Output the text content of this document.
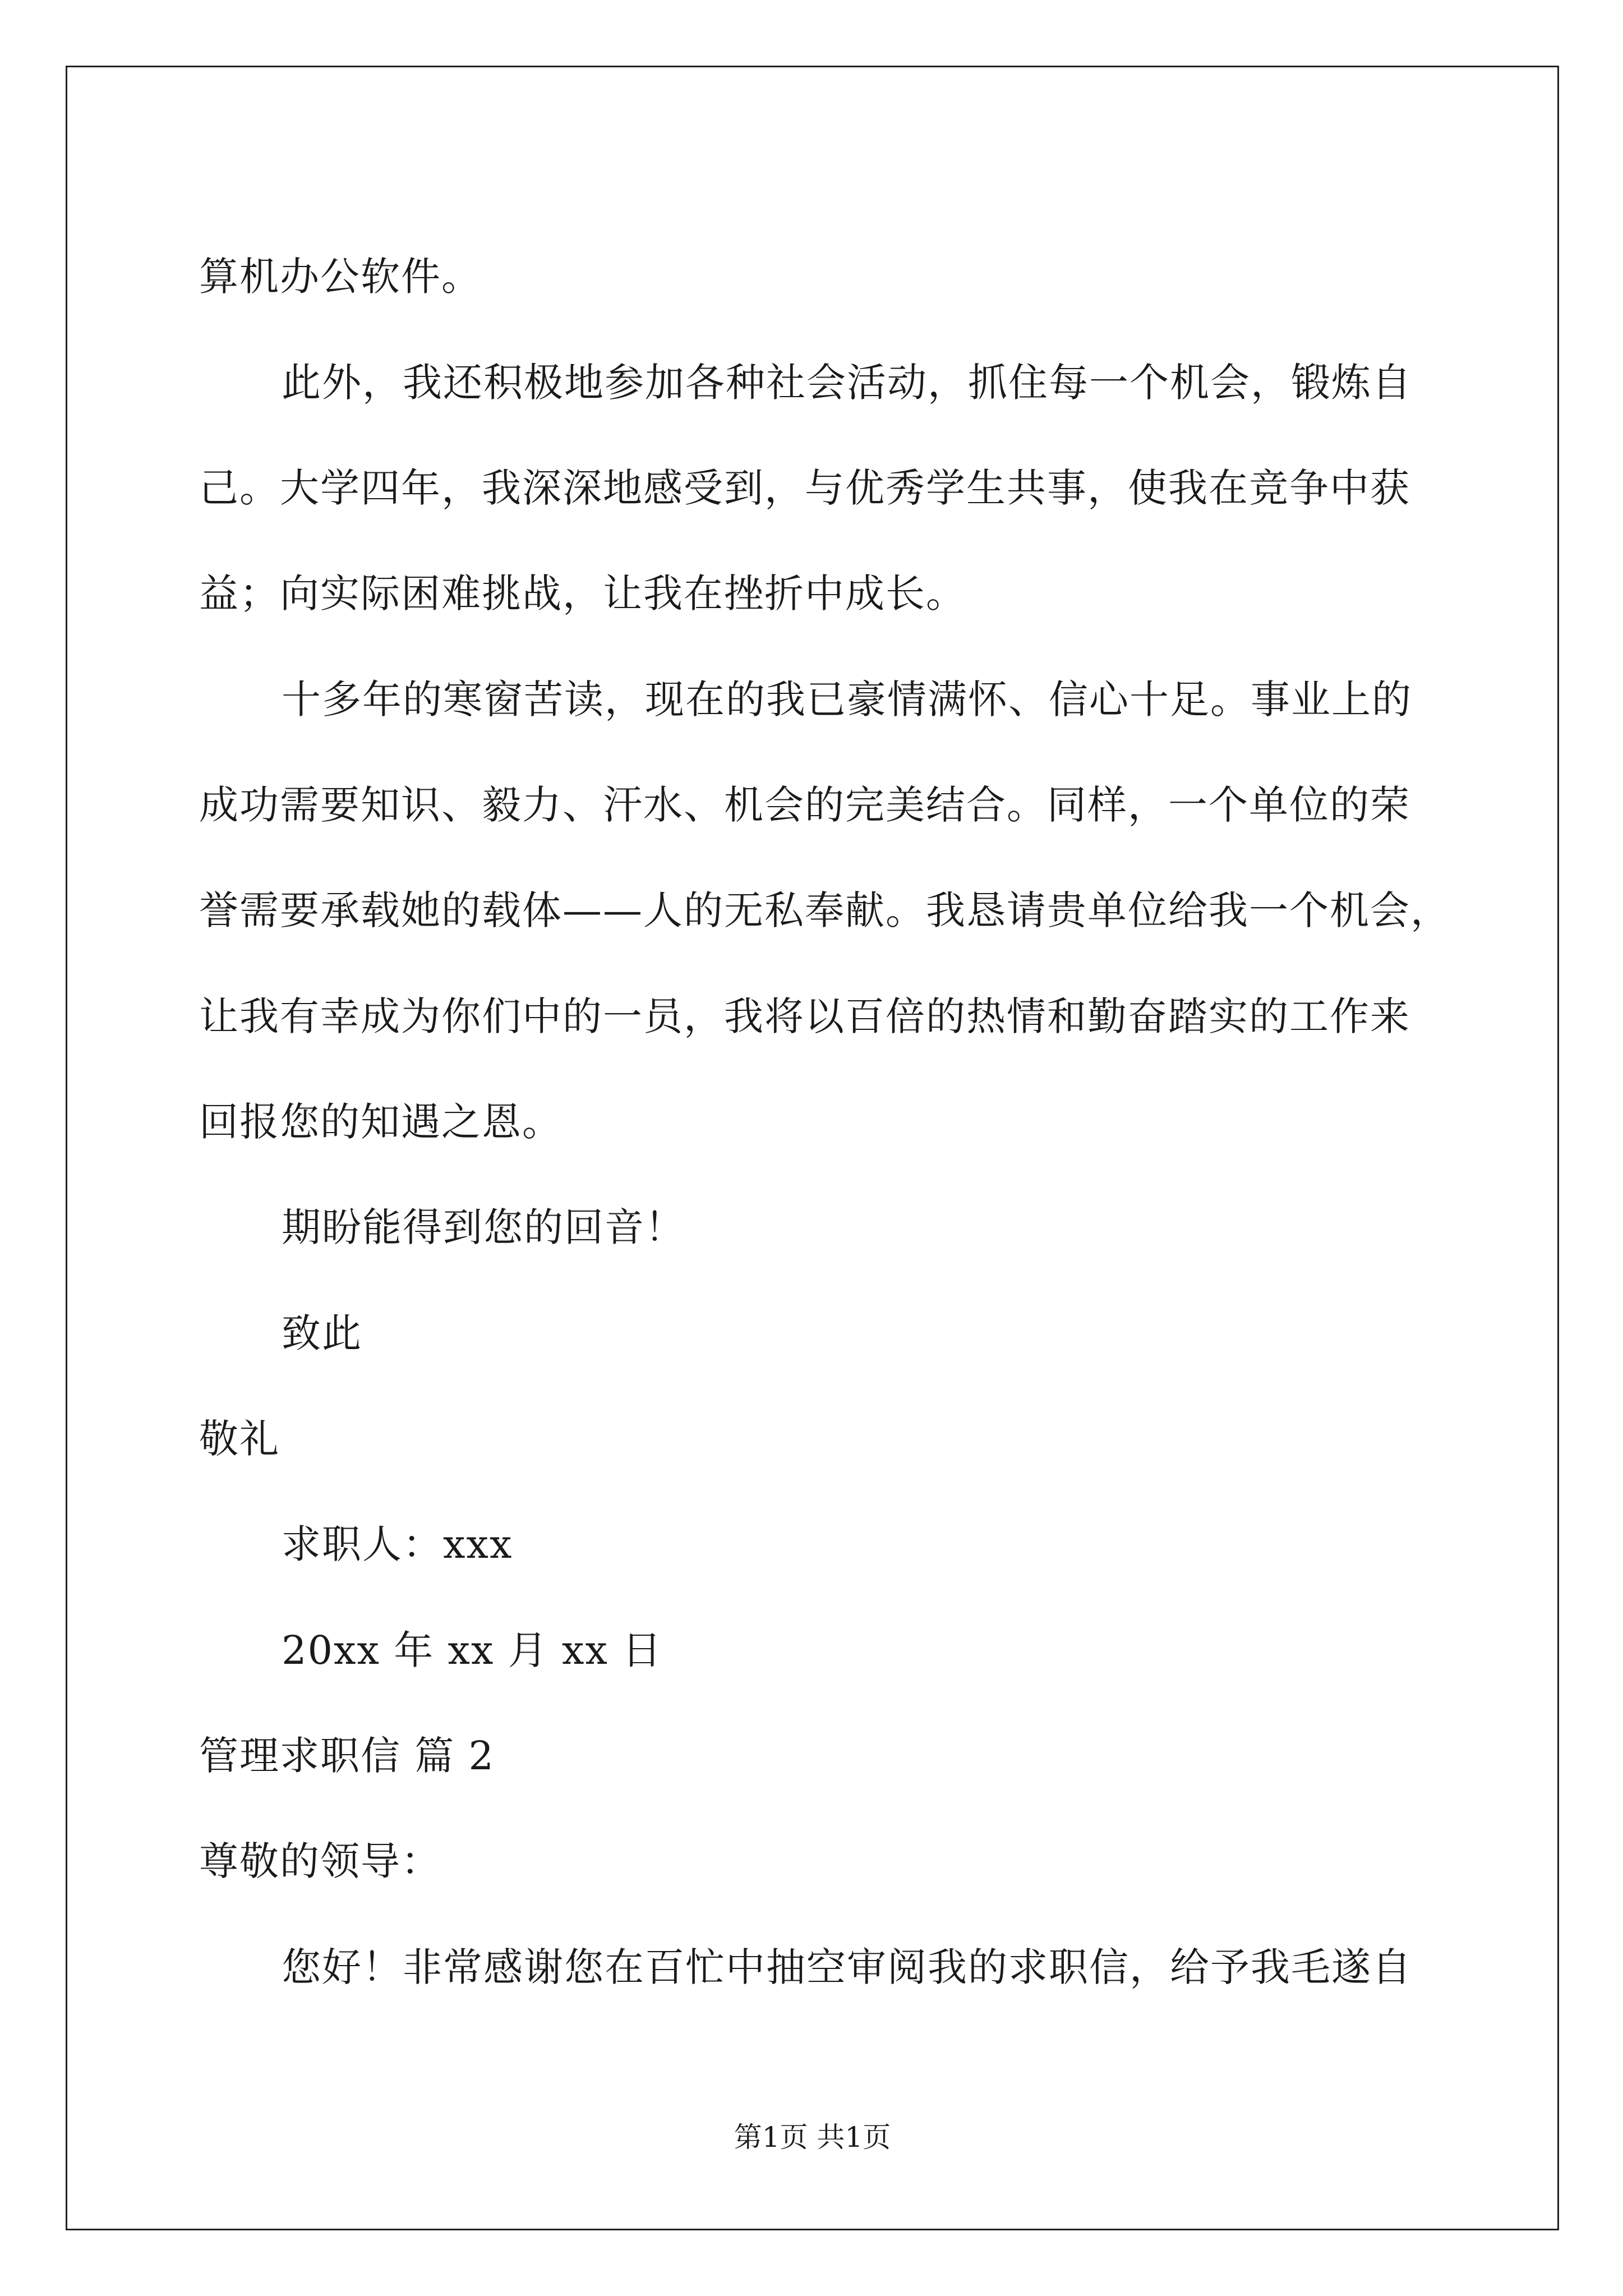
算机办公软件。
此外，我还积极地参加各种社会活动，抓住每一个机会，锻炼自
己。大学四年，我深深地感受到，与优秀学生共事，使我在竞争中获
益；向实际困难挑战，让我在挫折中成长。
十多年的寒窗苦读，现在的我已豪情满怀、信心十足。事业上的
成功需要知识、毅力、汗水、机会的完美结合。同样，一个单位的荣
誉需要承载她的载体——人的无私奉献。我恳请贵单位给我一个机会，
让我有幸成为你们中的一员，我将以百倍的热情和勤奋踏实的工作来
回报您的知遇之恩。
期盼能得到您的回音！
致此
敬礼
求职人：xxx
20xx 年 xx 月 xx 日
管理求职信 篇 2
尊敬的领导：
您好！非常感谢您在百忙中抽空审阅我的求职信，给予我毛遂自
第1页 共1页
